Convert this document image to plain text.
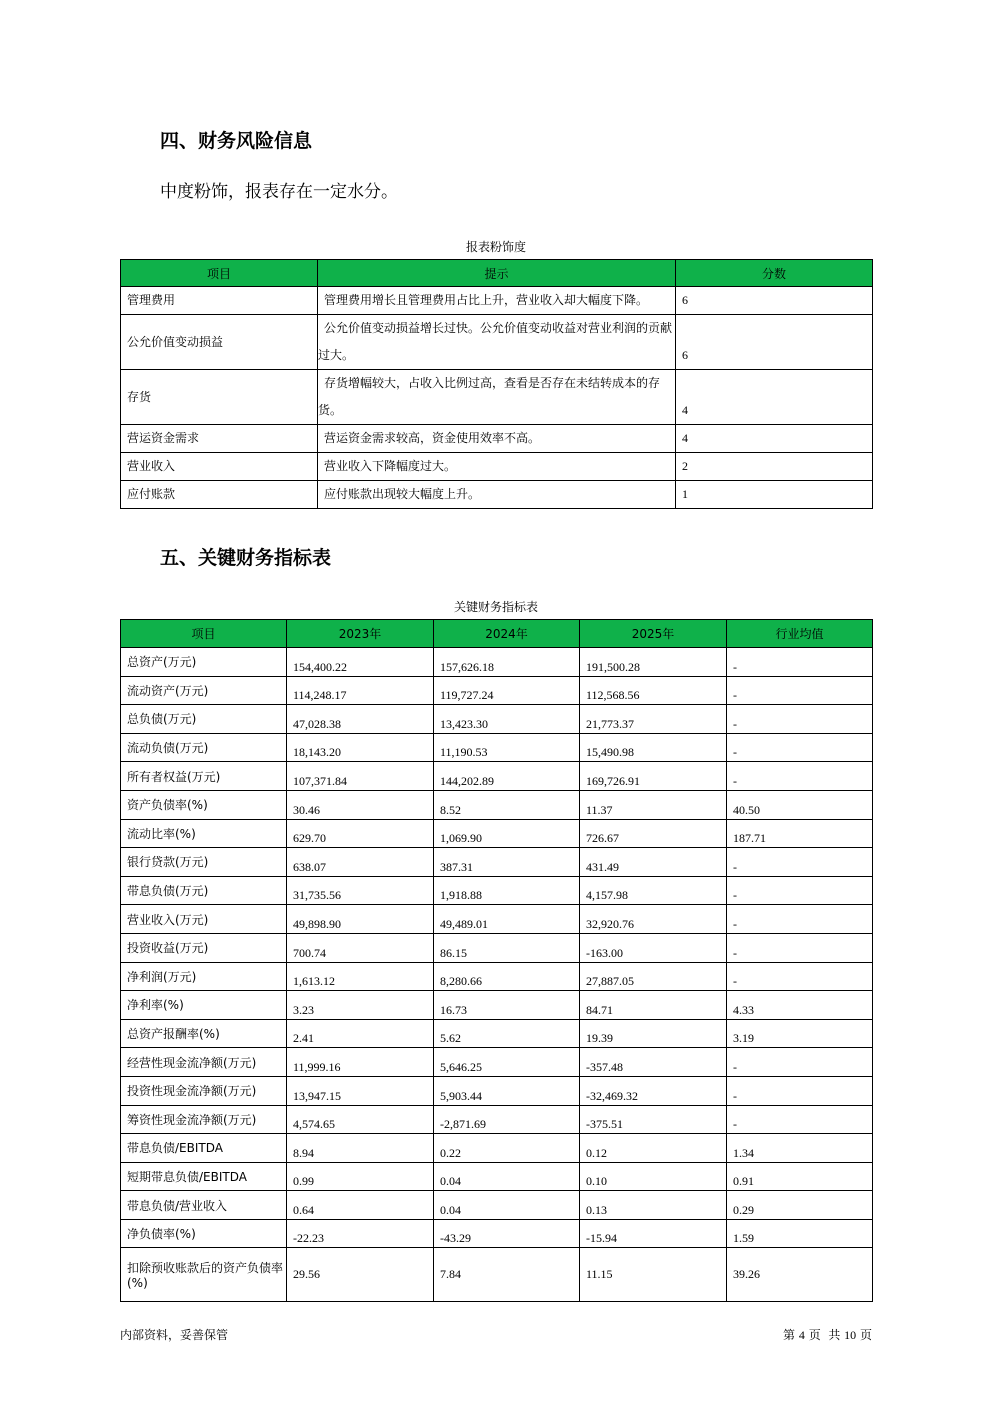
四、财务风险信息
中度粉饰，报表存在一定水分。
报表粉饰度
项目	提示	分数
管理费用	管理费用增长且管理费用占比上升，营业收入却大幅度下降。	6
公允价值变动损益	公允价值变动损益增长过快。公允价值变动收益对营业利润的贡献过大。	6
存货	存货增幅较大，占收入比例过高，查看是否存在未结转成本的存货。	4
营运资金需求	营运资金需求较高，资金使用效率不高。	4
营业收入	营业收入下降幅度过大。	2
应付账款	应付账款出现较大幅度上升。	1
五、关键财务指标表
关键财务指标表
项目	2023年	2024年	2025年	行业均值
总资产(万元)	154,400.22	157,626.18	191,500.28	-
流动资产(万元)	114,248.17	119,727.24	112,568.56	-
总负债(万元)	47,028.38	13,423.30	21,773.37	-
流动负债(万元)	18,143.20	11,190.53	15,490.98	-
所有者权益(万元)	107,371.84	144,202.89	169,726.91	-
资产负债率(%)	30.46	8.52	11.37	40.50
流动比率(%)	629.70	1,069.90	726.67	187.71
银行贷款(万元)	638.07	387.31	431.49	-
带息负债(万元)	31,735.56	1,918.88	4,157.98	-
营业收入(万元)	49,898.90	49,489.01	32,920.76	-
投资收益(万元)	700.74	86.15	-163.00	-
净利润(万元)	1,613.12	8,280.66	27,887.05	-
净利率(%)	3.23	16.73	84.71	4.33
总资产报酬率(%)	2.41	5.62	19.39	3.19
经营性现金流净额(万元)	11,999.16	5,646.25	-357.48	-
投资性现金流净额(万元)	13,947.15	5,903.44	-32,469.32	-
筹资性现金流净额(万元)	4,574.65	-2,871.69	-375.51	-
带息负债/EBITDA	8.94	0.22	0.12	1.34
短期带息负债/EBITDA	0.99	0.04	0.10	0.91
带息负债/营业收入	0.64	0.04	0.13	0.29
净负债率(%)	-22.23	-43.29	-15.94	1.59
扣除预收账款后的资产负债率(%)	29.56	7.84	11.15	39.26
内部资料，妥善保管	第 4 页  共 10 页
